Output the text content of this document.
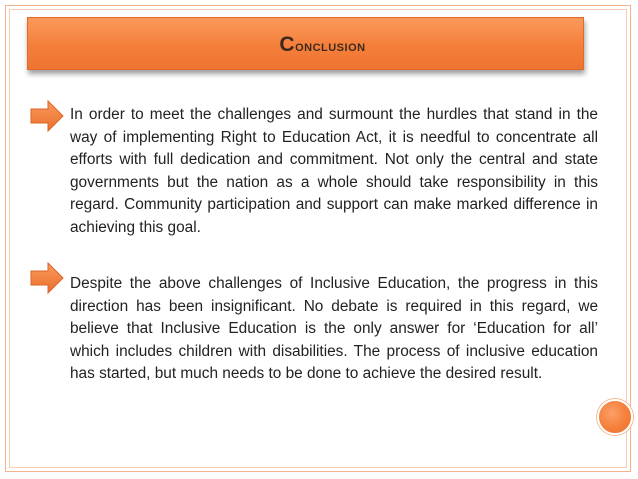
Conclusion

In order to meet the challenges and surmount the hurdles that stand in the way of implementing Right to Education Act, it is needful to concentrate all efforts with full dedication and commitment. Not only the central and state governments but the nation as a whole should take responsibility in this regard. Community participation and support can make marked difference in achieving this goal.

Despite the above challenges of Inclusive Education, the progress in this direction has been insignificant. No debate is required in this regard, we believe that Inclusive Education is the only answer for ‘Education for all’ which includes children with disabilities. The process of inclusive education has started, but much needs to be done to achieve the desired result.
